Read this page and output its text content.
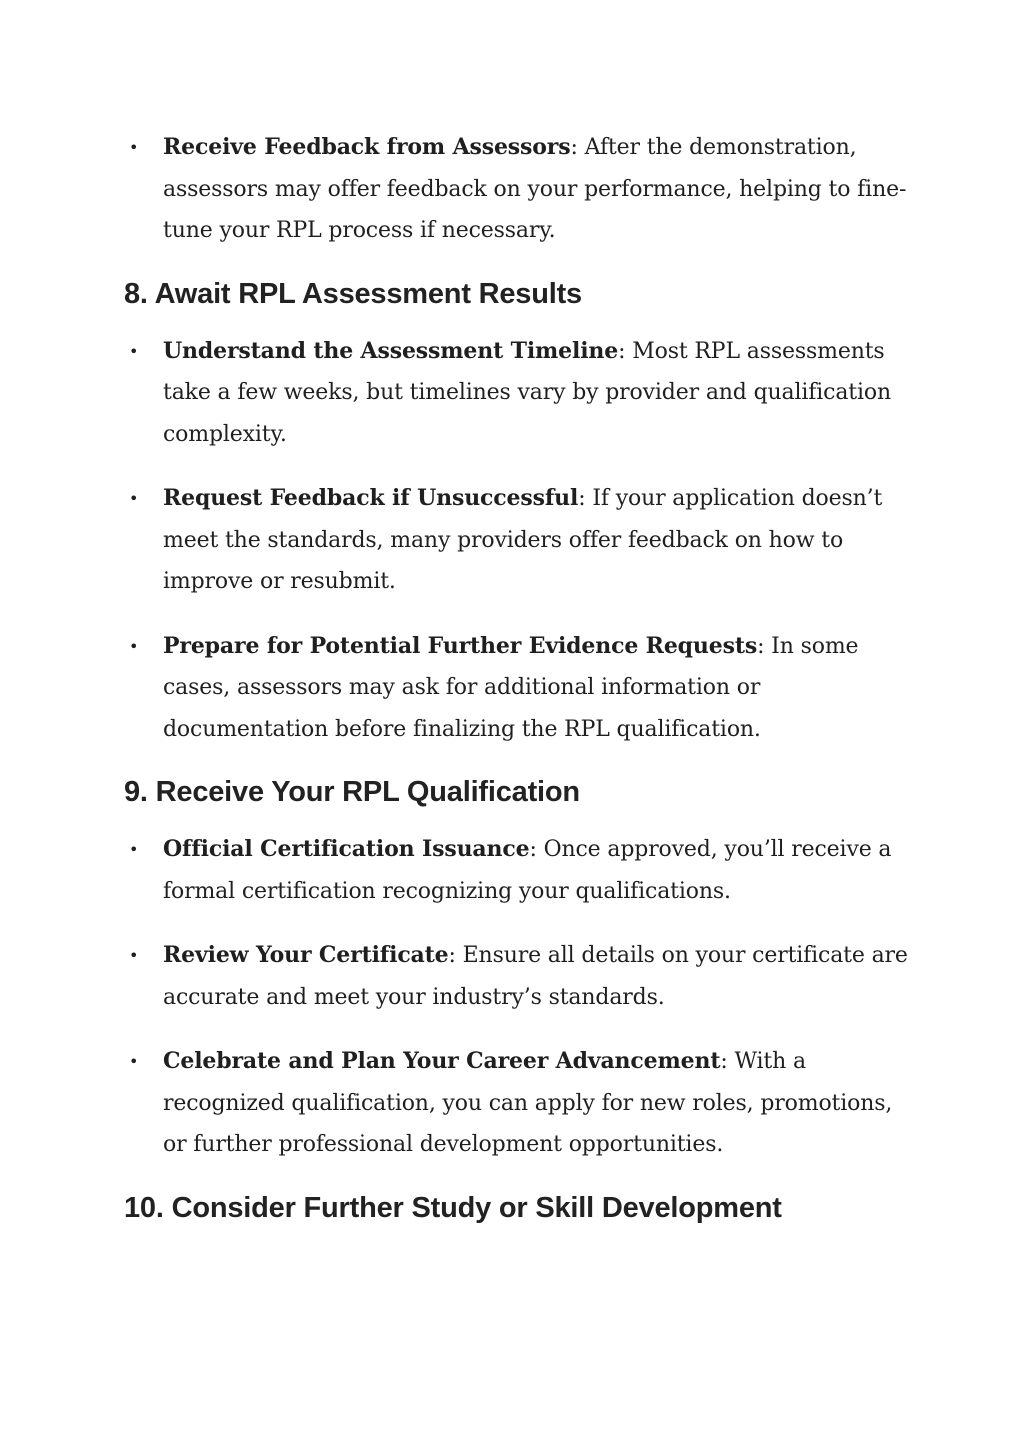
• Receive Feedback from Assessors: After the demonstration, assessors may offer feedback on your performance, helping to fine-tune your RPL process if necessary.
8. Await RPL Assessment Results
• Understand the Assessment Timeline: Most RPL assessments take a few weeks, but timelines vary by provider and qualification complexity.
• Request Feedback if Unsuccessful: If your application doesn’t meet the standards, many providers offer feedback on how to improve or resubmit.
• Prepare for Potential Further Evidence Requests: In some cases, assessors may ask for additional information or documentation before finalizing the RPL qualification.
9. Receive Your RPL Qualification
• Official Certification Issuance: Once approved, you’ll receive a formal certification recognizing your qualifications.
• Review Your Certificate: Ensure all details on your certificate are accurate and meet your industry’s standards.
• Celebrate and Plan Your Career Advancement: With a recognized qualification, you can apply for new roles, promotions, or further professional development opportunities.
10. Consider Further Study or Skill Development
